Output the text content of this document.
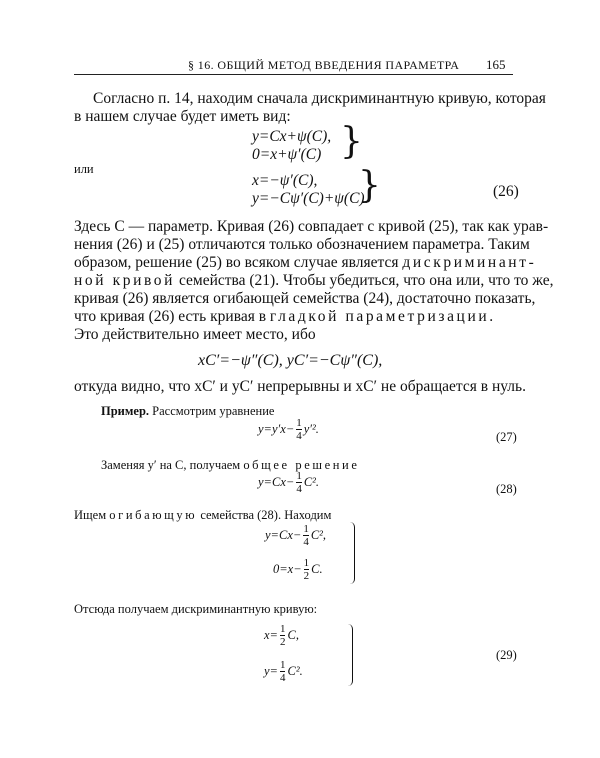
§ 16. ОБЩИЙ МЕТОД ВВЕДЕНИЯ ПАРАМЕТРА 165
Согласно п. 14, находим сначала дискриминантную кривую, которая
в нашем случае будет иметь вид:
y=Cx+ψ(C),
0=x+ψ′(C) }
или
x=−ψ′(C),
y=−Cψ′(C)+ψ(C).
}	(26)
Здесь C — параметр. Кривая (26) совпадает с кривой (25), так как урав-
нения (26) и (25) отличаются только обозначением параметра. Таким
образом, решение (25) во всяком случае является дискриминант-
ной кривой семейства (21). Чтобы убедиться, что она или, что то же,
кривая (26) является огибающей семейства (24), достаточно показать,
что кривая (26) есть кривая в гладкой параметризации.
Это действительно имеет место, ибо
xC′=−ψ″(C), yC′=−Cψ″(C),
откуда видно, что xC′ и yC′ непрерывны и xC′ не обращается в нуль.
Пример. Рассмотрим уравнение
$y=y'x- \frac{1}{4} y'^2$.
(27)
Заменяя y′ на C, получаем общее решение
$y=Cx- \frac{1}{4} C^2$.
(28)
Ищем огибающую семейства (28). Находим
$y=Cx- \frac{1}{4} C^2$,
$0=x- \frac{1}{2} C$.
Отсюда получаем дискриминантную кривую:
$x= \frac{1}{2} C$,
$y= \frac{1}{4} C^2$.
(29)
